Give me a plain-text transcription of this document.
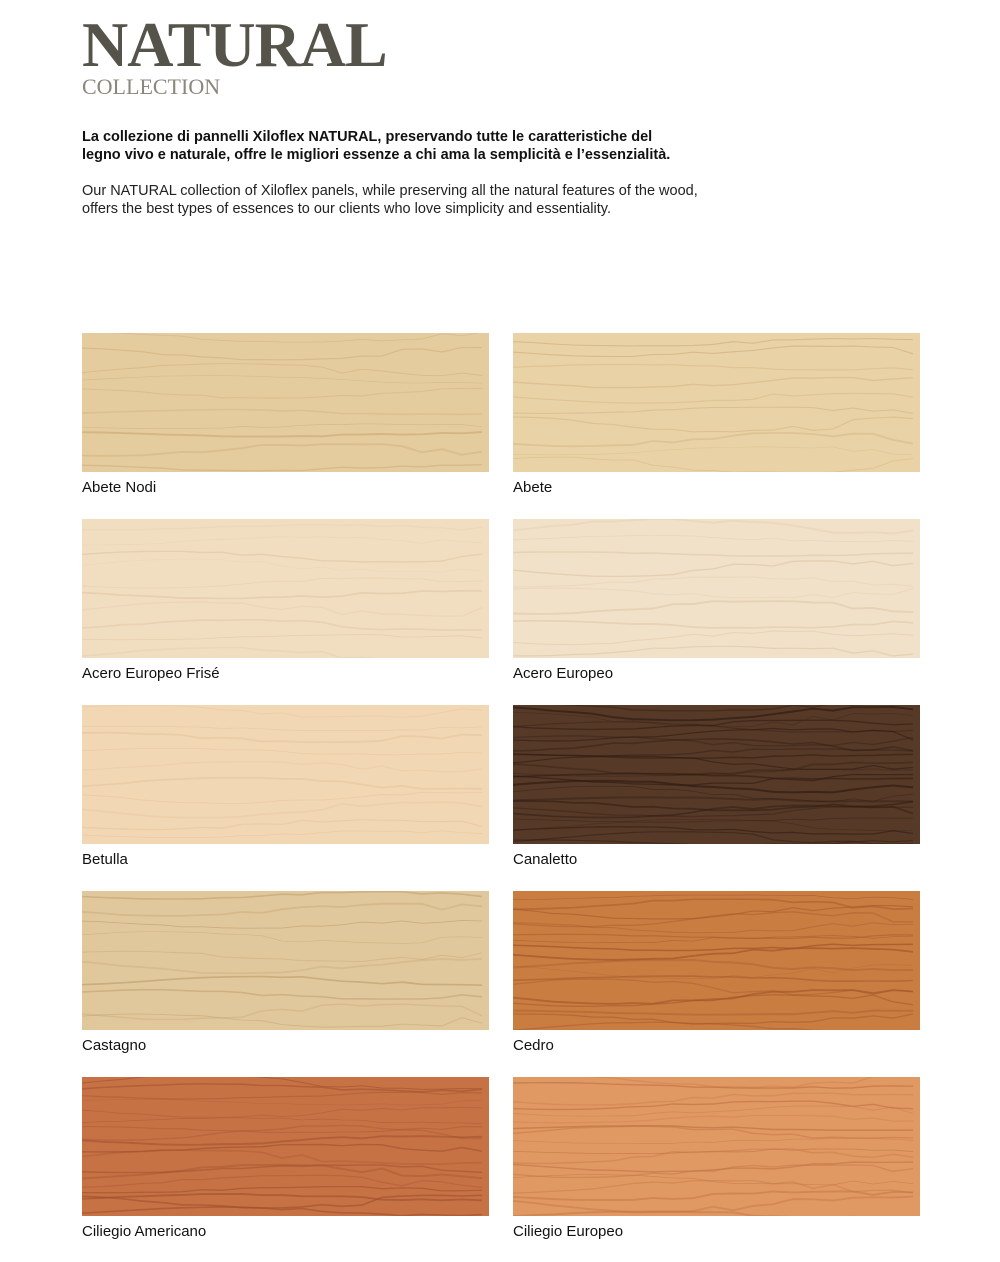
NATURAL

COLLECTION

La collezione di pannelli Xiloflex NATURAL, preservando tutte le caratteristiche del
legno vivo e naturale, offre le migliori essenze a chi ama la semplicità e l’essenzialità.

Our NATURAL collection of Xiloflex panels, while preserving all the natural features of the wood,
offers the best types of essences to our clients who love simplicity and essentiality.

Abete Nodi	Abete
Acero Europeo Frisé	Acero Europeo
Betulla	Canaletto
Castagno	Cedro
Ciliegio Americano	Ciliegio Europeo
